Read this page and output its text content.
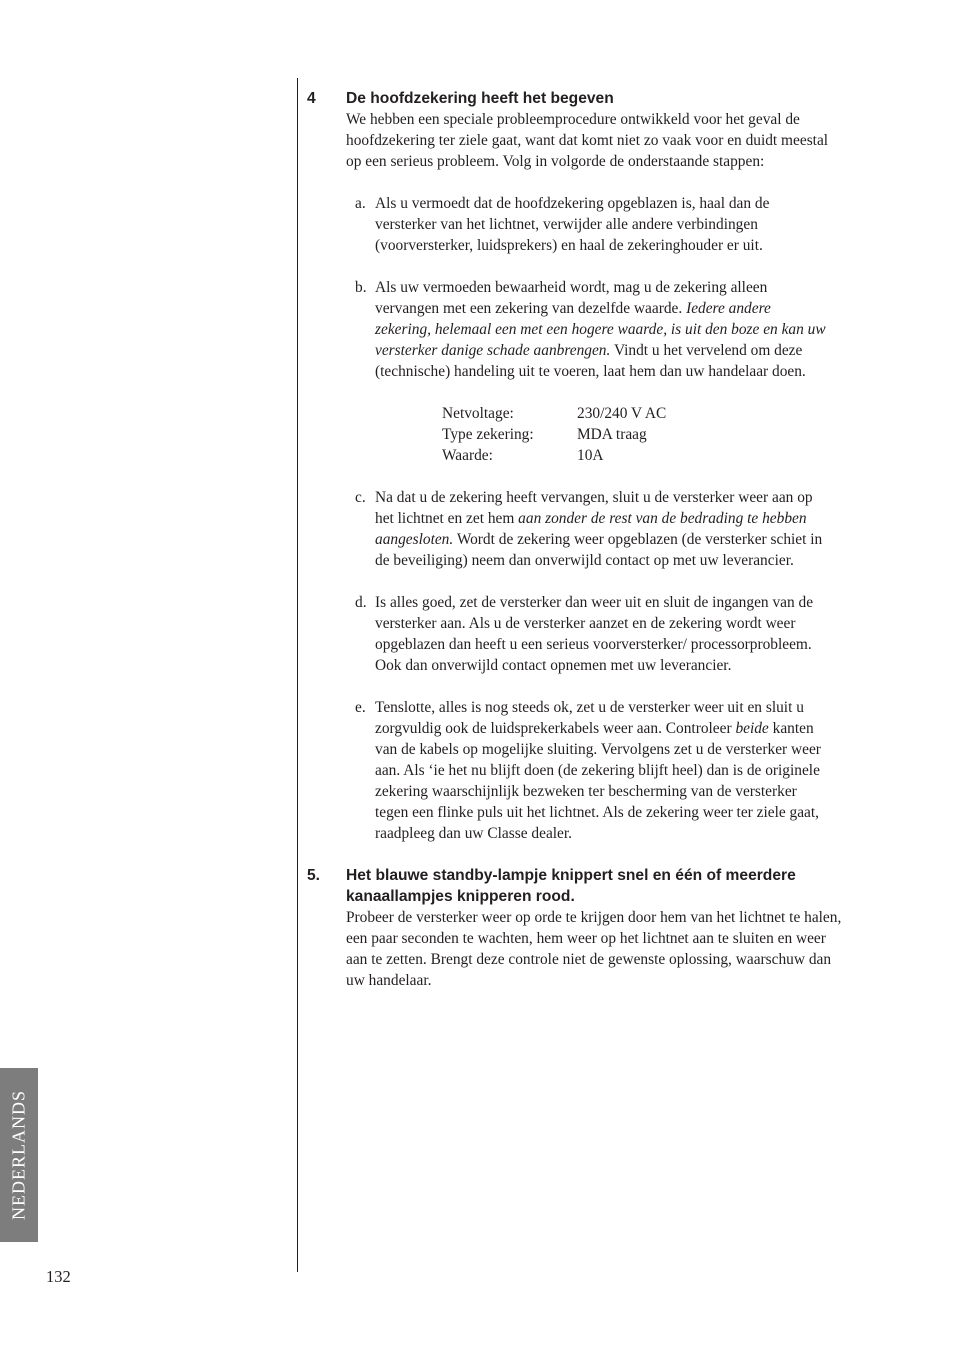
NEDERLANDS
132
4	De hoofdzekering heeft het begeven
We hebben een speciale probleemprocedure ontwikkeld voor het geval de hoofdzekering ter ziele gaat, want dat komt niet zo vaak voor en duidt meestal op een serieus probleem. Volg in volgorde de onderstaande stappen:
a. Als u vermoedt dat de hoofdzekering opgeblazen is, haal dan de versterker van het lichtnet, verwijder alle andere verbindingen (voorversterker, luidsprekers) en haal de zekeringhouder er uit.
b. Als uw vermoeden bewaarheid wordt, mag u de zekering alleen vervangen met een zekering van dezelfde waarde. Iedere andere zekering, helemaal een met een hogere waarde, is uit den boze en kan uw versterker danige schade aanbrengen. Vindt u het vervelend om deze (technische) handeling uit te voeren, laat hem dan uw handelaar doen.
Netvoltage:	230/240 V AC
Type zekering:	MDA traag
Waarde:	10A
c. Na dat u de zekering heeft vervangen, sluit u de versterker weer aan op het lichtnet en zet hem aan zonder de rest van de bedrading te hebben aangesloten. Wordt de zekering weer opgeblazen (de versterker schiet in de beveiliging) neem dan onverwijld contact op met uw leverancier.
d. Is alles goed, zet de versterker dan weer uit en sluit de ingangen van de versterker aan. Als u de versterker aanzet en de zekering wordt weer opgeblazen dan heeft u een serieus voorversterker/ processorprobleem. Ook dan onverwijld contact opnemen met uw leverancier.
e. Tenslotte, alles is nog steeds ok, zet u de versterker weer uit en sluit u zorgvuldig ook de luidsprekerkabels weer aan. Controleer beide kanten van de kabels op mogelijke sluiting. Vervolgens zet u de versterker weer aan. Als ‘ie het nu blijft doen (de zekering blijft heel) dan is de originele zekering waarschijnlijk bezweken ter bescherming van de versterker tegen een flinke puls uit het lichtnet. Als de zekering weer ter ziele gaat, raadpleeg dan uw Classe dealer.
5.	Het blauwe standby-lampje knippert snel en één of meerdere kanaallampjes knipperen rood.
Probeer de versterker weer op orde te krijgen door hem van het lichtnet te halen, een paar seconden te wachten, hem weer op het lichtnet aan te sluiten en weer aan te zetten. Brengt deze controle niet de gewenste oplossing, waarschuw dan uw handelaar.
